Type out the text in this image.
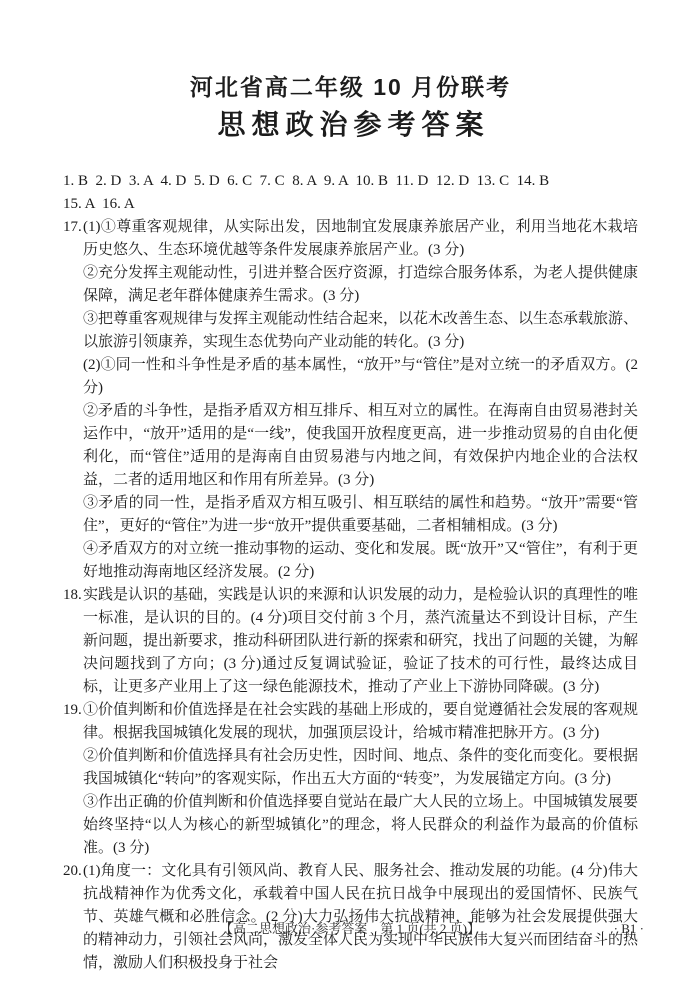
河北省高二年级 10 月份联考
思想政治参考答案

1. B  2. D  3. A  4. D  5. D  6. C  7. C  8. A  9. A  10. B  11. D  12. D  13. C  14. B

15. A  16. A

17. (1)①尊重客观规律，从实际出发，因地制宜发展康养旅居产业，利用当地花木栽培历史悠久、生态环境优越等条件发展康养旅居产业。(3 分)

②充分发挥主观能动性，引进并整合医疗资源，打造综合服务体系，为老人提供健康保障，满足老年群体健康养生需求。(3 分)

③把尊重客观规律与发挥主观能动性结合起来，以花木改善生态、以生态承载旅游、以旅游引领康养，实现生态优势向产业动能的转化。(3 分)

(2)①同一性和斗争性是矛盾的基本属性，“放开”与“管住”是对立统一的矛盾双方。(2 分)

②矛盾的斗争性，是指矛盾双方相互排斥、相互对立的属性。在海南自由贸易港封关运作中，“放开”适用的是“一线”，使我国开放程度更高，进一步推动贸易的自由化便利化，而“管住”适用的是海南自由贸易港与内地之间，有效保护内地企业的合法权益，二者的适用地区和作用有所差异。(3 分)

③矛盾的同一性，是指矛盾双方相互吸引、相互联结的属性和趋势。“放开”需要“管住”，更好的“管住”为进一步“放开”提供重要基础，二者相辅相成。(3 分)

④矛盾双方的对立统一推动事物的运动、变化和发展。既“放开”又“管住”，有利于更好地推动海南地区经济发展。(2 分)

18. 实践是认识的基础，实践是认识的来源和认识发展的动力，是检验认识的真理性的唯一标准，是认识的目的。(4 分)项目交付前 3 个月，蒸汽流量达不到设计目标，产生新问题，提出新要求，推动科研团队进行新的探索和研究，找出了问题的关键，为解决问题找到了方向；(3 分)通过反复调试验证，验证了技术的可行性，最终达成目标，让更多产业用上了这一绿色能源技术，推动了产业上下游协同降碳。(3 分)

19. ①价值判断和价值选择是在社会实践的基础上形成的，要自觉遵循社会发展的客观规律。根据我国城镇化发展的现状，加强顶层设计，给城市精准把脉开方。(3 分)

②价值判断和价值选择具有社会历史性，因时间、地点、条件的变化而变化。要根据我国城镇化“转向”的客观实际，作出五大方面的“转变”，为发展锚定方向。(3 分)

③作出正确的价值判断和价值选择要自觉站在最广大人民的立场上。中国城镇发展要始终坚持“以人为核心的新型城镇化”的理念，将人民群众的利益作为最高的价值标准。(3 分)

20. (1)角度一：文化具有引领风尚、教育人民、服务社会、推动发展的功能。(4 分)伟大抗战精神作为优秀文化，承载着中国人民在抗日战争中展现出的爱国情怀、民族气节、英雄气概和必胜信念。(2 分)大力弘扬伟大抗战精神，能够为社会发展提供强大的精神动力，引领社会风尚，激发全体人民为实现中华民族伟大复兴而团结奋斗的热情，激励人们积极投身于社会

【高二思想政治·参考答案　第 1 页(共 2 页)】	· B1 ·
